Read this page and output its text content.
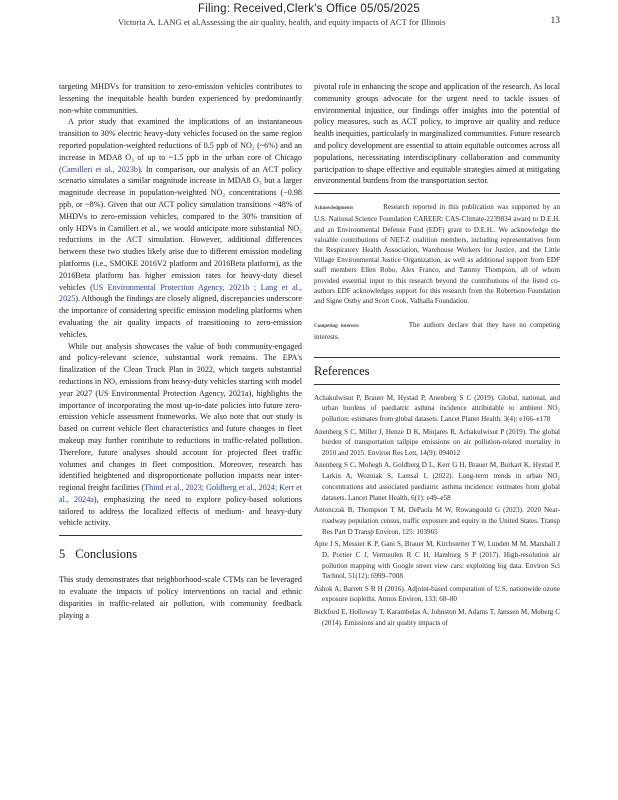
Filing: Received,Clerk's Office 05/05/2025
Victoria A. LANG et al.Assessing the air quality, health, and equity impacts of ACT for Illinois	13

targeting MHDVs for transition to zero-emission vehicles contributes to lessening the inequitable health burden experienced by predominantly non-white communities.

A prior study that examined the implications of an instantaneous transition to 30% electric heavy-duty vehicles focused on the same region reported population-weighted reductions of 0.5 ppb of NO₂ (~6%) and an increase in MDA8 O₃ of up to ~1.5 ppb in the urban core of Chicago (Camilleri et al., 2023b). In comparison, our analysis of an ACT policy scenario simulates a similar magnitude increase in MDA8 O₃ but a larger magnitude decrease in population-weighted NO₂ concentrations (−0.98 ppb, or ~8%). Given that our ACT policy simulation transitions ~48% of MHDVs to zero-emission vehicles, compared to the 30% transition of only HDVs in Camilleri et al., we would anticipate more substantial NO₂ reductions in the ACT simulation. However, additional differences between these two studies likely arise due to different emission modeling platforms (i.e., SMOKE 2016V2 platform and 2016Beta platform), as the 2016Beta platform has higher emission rates for heavy-duty diesel vehicles (US Environmental Protection Agency, 2021b ; Lang et al., 2025). Although the findings are closely aligned, discrepancies underscore the importance of considering specific emission modeling platforms when evaluating the air quality impacts of transitioning to zero-emission vehicles.

While our analysis showcases the value of both community-engaged and policy-relevant science, substantial work remains. The EPA's finalization of the Clean Truck Plan in 2022, which targets substantial reductions in NOₓ emissions from heavy-duty vehicles starting with model year 2027 (US Environmental Protection Agency, 2021a), highlights the importance of incorporating the most up-to-date policies into future zero-emission vehicle assessment frameworks. We also note that our study is based on current vehicle fleet characteristics and future changes in fleet makeup may further contribute to reductions in traffic-related pollution. Therefore, future analyses should account for projected fleet traffic volumes and changes in fleet composition. Moreover, research has identified heightened and disproportionate pollution impacts near inter-regional freight facilities (Thind et al., 2023; Goldberg et al., 2024; Kerr et al., 2024a), emphasizing the need to explore policy-based solutions tailored to address the localized effects of medium- and heavy-duty vehicle activity.

5 Conclusions

This study demonstrates that neighborhood-scale CTMs can be leveraged to evaluate the impacts of policy interventions on racial and ethnic disparities in traffic-related air pollution, with community feedback playing a

pivotal role in enhancing the scope and application of the research. As local community groups advocate for the urgent need to tackle issues of environmental injustice, our findings offer insights into the potential of policy measures, such as ACT policy, to improve air quality and reduce health inequities, particularly in marginalized communities. Future research and policy development are essential to attain equitable outcomes across all populations, necessitating interdisciplinary collaboration and community participation to shape effective and equitable strategies aimed at mitigating environmental burdens from the transportation sector.

Acknowledgments	Research reported in this publication was supported by an U.S. National Science Foundation CAREER: CAS-Climate-2239834 award to D.E.H. and an Environmental Defense Fund (EDF) grant to D.E.H.. We acknowledge the valuable contributions of NET-Z coalition members, including representatives from the Respiratory Health Association, Warehouse Workers for Justice, and the Little Village Environmental Justice Organization, as well as additional support from EDF staff members Ellen Robo, Alex Franco, and Tammy Thompson, all of whom provided essential input to this research beyond the contributions of the listed co-authors EDF acknowledges support for this research from the Robertson Foundation and Signe Ostby and Scott Cook, Valhalla Foundation.
Competing interests	The authors declare that they have no competing interests.
References
Achakulwisut P, Brauer M, Hystad P, Anenberg S C (2019). Global, national, and urban burdens of paediatric asthma incidence attributable to ambient NO₂ pollution: estimates from global datasets. Lancet Planet Health, 3(4): e166–e178
Anenberg S C, Miller J, Henze D K, Minjares R, Achakulwisut P (2019). The global burden of transportation tailpipe emissions on air pollution-related mortality in 2010 and 2015. Environ Res Lett, 14(9): 094012
Anenberg S C, Mohegh A, Goldberg D L, Kerr G H, Brauer M, Burkart K, Hystad P, Larkin A, Wozniak S, Lamsal L (2022). Long-term trends in urban NO₂ concentrations and associated paediatric asthma incidence: estimates from global datasets. Lancet Planet Health, 6(1): e49–e58
Antonczak B, Thompson T M, DePaola M W, Rowangould G (2023). 2020 Near-roadway population census, traffic exposure and equity in the United States. Transp Res Part D Transp Environ, 125: 103965
Apte J S, Messier K P, Gani S, Brauer M, Kirchstetter T W, Lunden M M, Marshall J D, Portier C J, Vermeulen R C H, Hamburg S P (2017). High-resolution air pollution mapping with Google street view cars: exploiting big data. Environ Sci Technol, 51(12): 6999–7008
Ashok A, Barrett S R H (2016). Adjoint-based computation of U.S. nationwide ozone exposure isopleths. Atmos Environ, 133: 68–80
Bickford E, Holloway T, Karambelas A, Johnston M, Adams T, Janssen M, Moberg C (2014). Emissions and air quality impacts of
